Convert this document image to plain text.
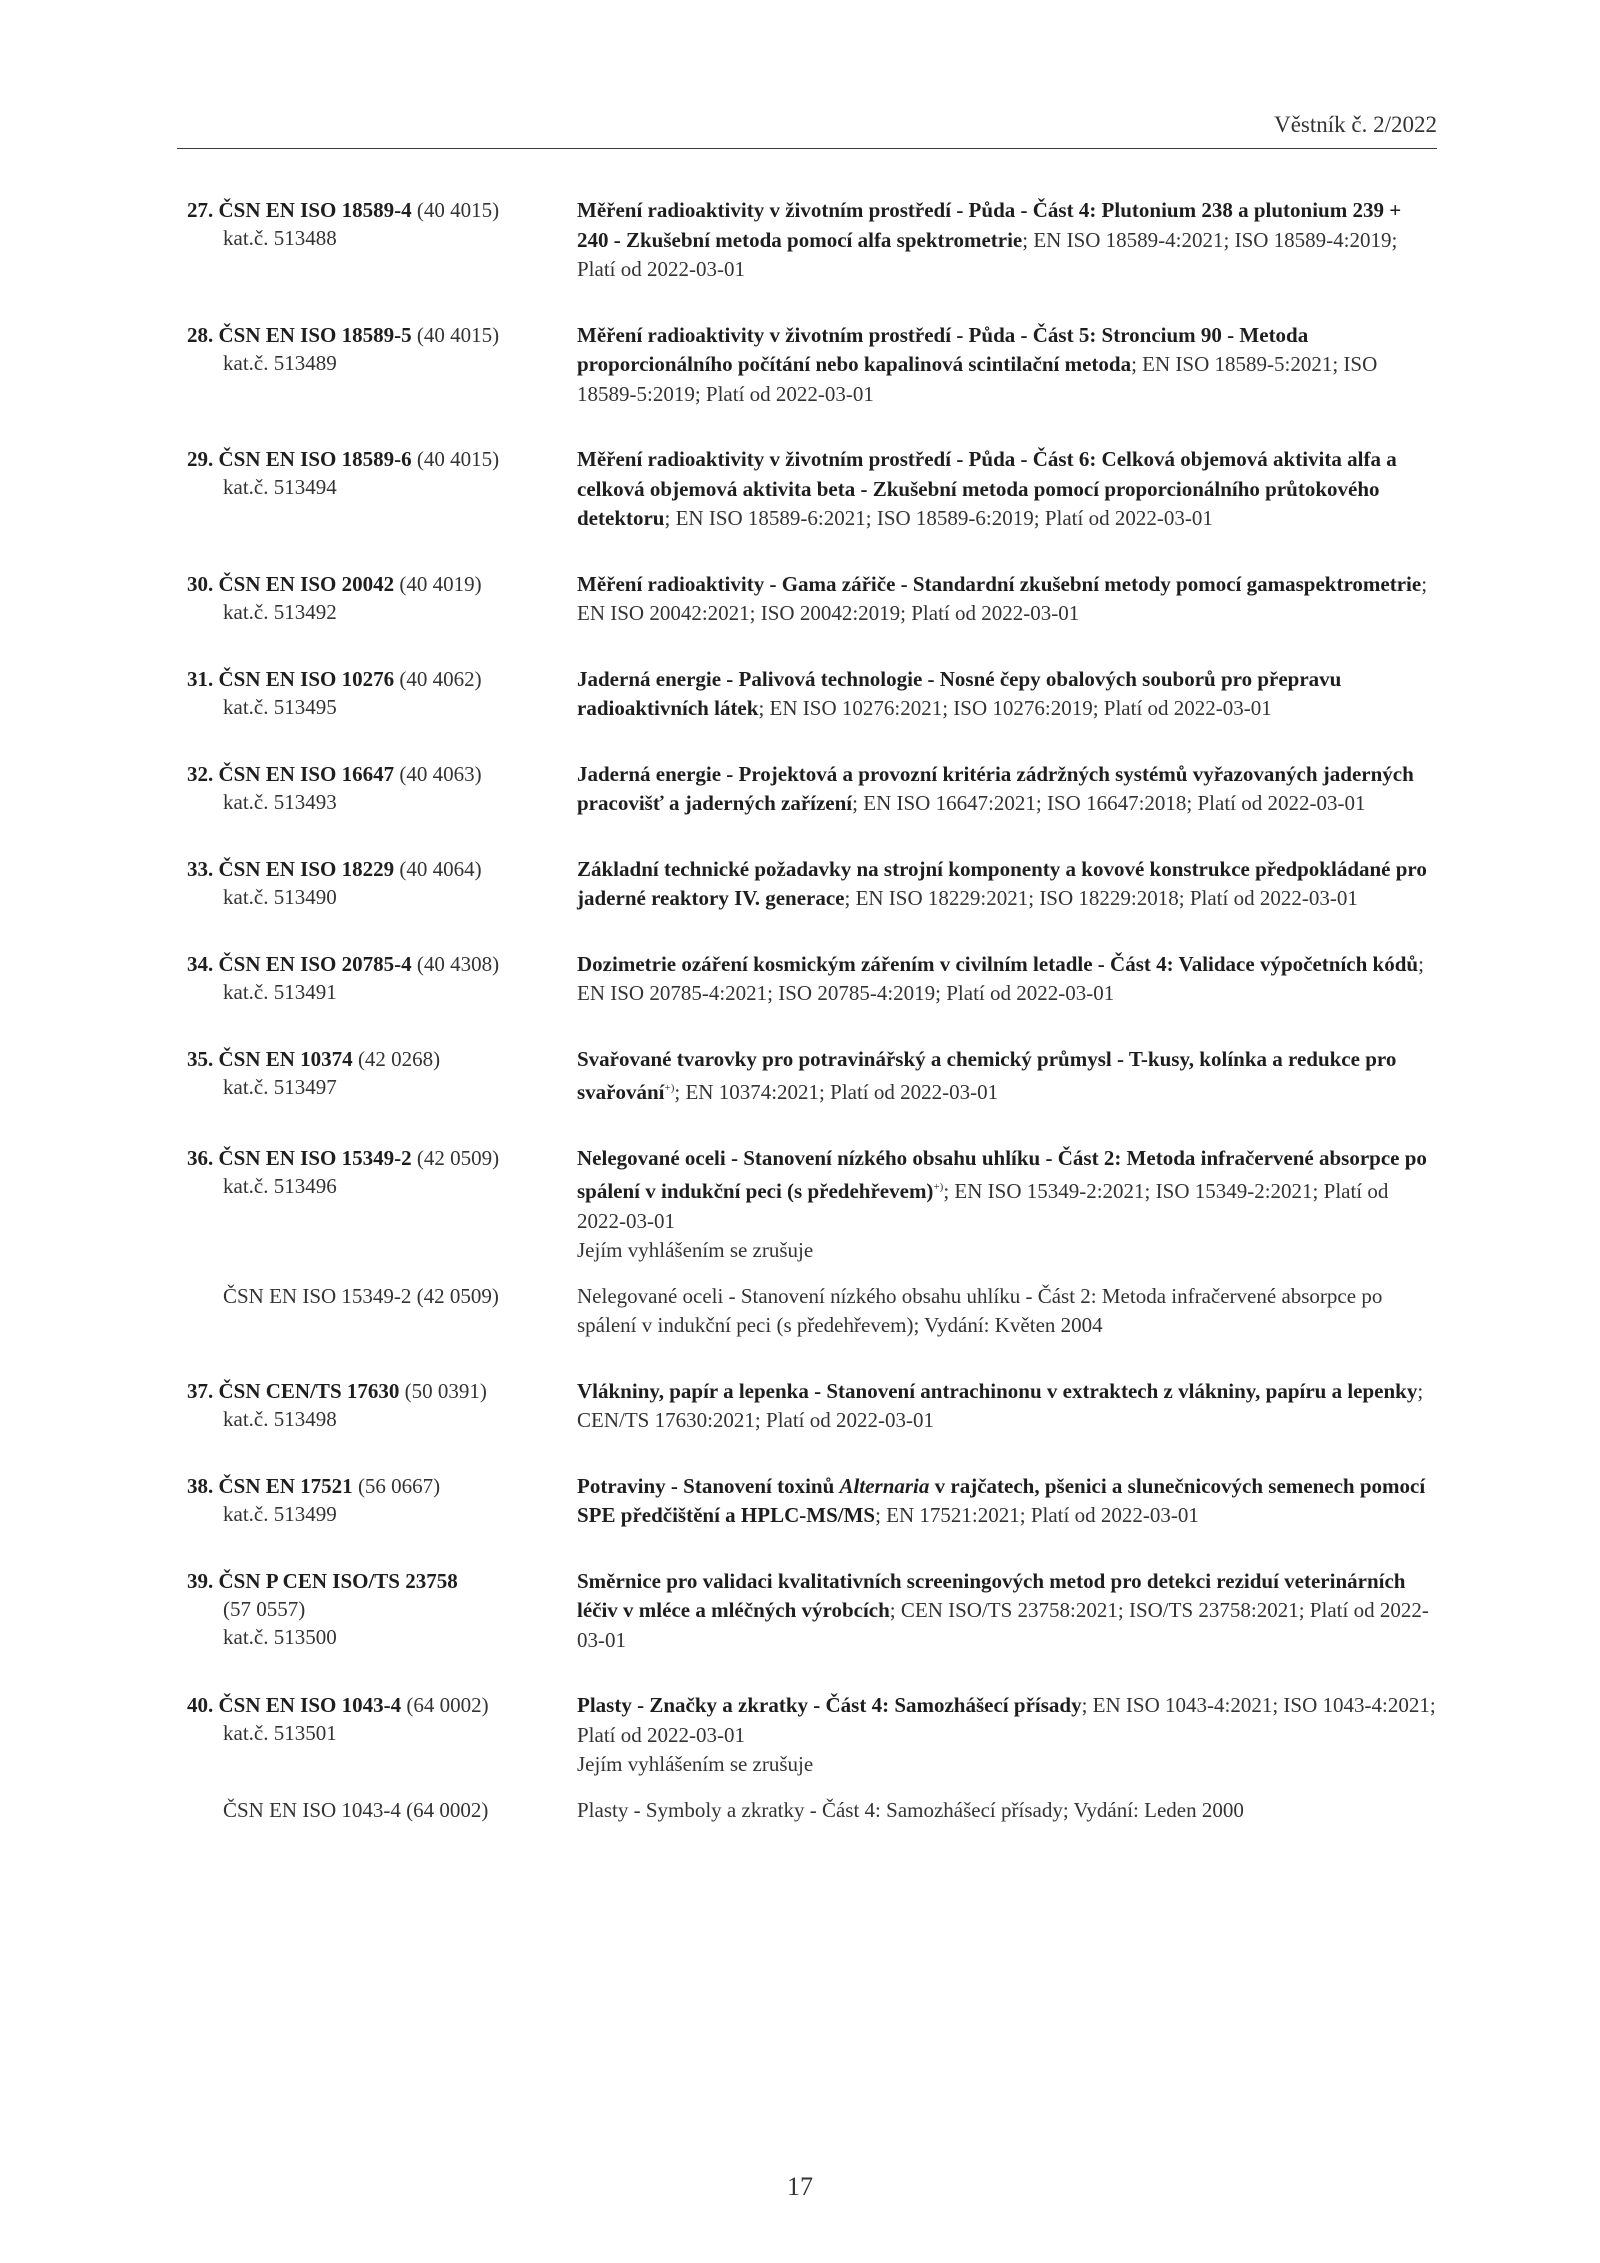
Věstník č. 2/2022
27. ČSN EN ISO 18589-4 (40 4015)
kat.č. 513488
Měření radioaktivity v životním prostředí - Půda - Část 4: Plutonium 238 a plutonium 239 + 240 - Zkušební metoda pomocí alfa spektrometrie; EN ISO 18589-4:2021; ISO 18589-4:2019; Platí od 2022-03-01
28. ČSN EN ISO 18589-5 (40 4015)
kat.č. 513489
Měření radioaktivity v životním prostředí - Půda - Část 5: Stroncium 90 - Metoda proporcionálního počítání nebo kapalinová scintilační metoda; EN ISO 18589-5:2021; ISO 18589-5:2019; Platí od 2022-03-01
29. ČSN EN ISO 18589-6 (40 4015)
kat.č. 513494
Měření radioaktivity v životním prostředí - Půda - Část 6: Celková objemová aktivita alfa a celková objemová aktivita beta - Zkušební metoda pomocí proporcionálního průtokového detektoru; EN ISO 18589-6:2021; ISO 18589-6:2019; Platí od 2022-03-01
30. ČSN EN ISO 20042 (40 4019)
kat.č. 513492
Měření radioaktivity - Gama zářiče - Standardní zkušební metody pomocí gamaspektrometrie; EN ISO 20042:2021; ISO 20042:2019; Platí od 2022-03-01
31. ČSN EN ISO 10276 (40 4062)
kat.č. 513495
Jaderná energie - Palivová technologie - Nosné čepy obalových souborů pro přepravu radioaktivních látek; EN ISO 10276:2021; ISO 10276:2019; Platí od 2022-03-01
32. ČSN EN ISO 16647 (40 4063)
kat.č. 513493
Jaderná energie - Projektová a provozní kritéria zádržných systémů vyřazovaných jaderných pracovišť a jaderných zařízení; EN ISO 16647:2021; ISO 16647:2018; Platí od 2022-03-01
33. ČSN EN ISO 18229 (40 4064)
kat.č. 513490
Základní technické požadavky na strojní komponenty a kovové konstrukce předpokládané pro jaderné reaktory IV. generace; EN ISO 18229:2021; ISO 18229:2018; Platí od 2022-03-01
34. ČSN EN ISO 20785-4 (40 4308)
kat.č. 513491
Dozimetrie ozáření kosmickým zářením v civilním letadle - Část 4: Validace výpočetních kódů; EN ISO 20785-4:2021; ISO 20785-4:2019; Platí od 2022-03-01
35. ČSN EN 10374 (42 0268)
kat.č. 513497
Svařované tvarovky pro potravinářský a chemický průmysl - T-kusy, kolínka a redukce pro svařování+); EN 10374:2021; Platí od 2022-03-01
36. ČSN EN ISO 15349-2 (42 0509)
kat.č. 513496
Nelegované oceli - Stanovení nízkého obsahu uhlíku - Část 2: Metoda infračervené absorpce po spálení v indukční peci (s předehřevem)+); EN ISO 15349-2:2021; ISO 15349-2:2021; Platí od 2022-03-01
Jejím vyhlášením se zrušuje
ČSN EN ISO 15349-2 (42 0509)	Nelegované oceli - Stanovení nízkého obsahu uhlíku - Část 2: Metoda infračervené absorpce po spálení v indukční peci (s předehřevem); Vydání: Květen 2004
37. ČSN CEN/TS 17630 (50 0391)
kat.č. 513498
Vlákniny, papír a lepenka - Stanovení antrachinonu v extraktech z vlákniny, papíru a lepenky; CEN/TS 17630:2021; Platí od 2022-03-01
38. ČSN EN 17521 (56 0667)
kat.č. 513499
Potraviny - Stanovení toxinů Alternaria v rajčatech, pšenici a slunečnicových semenech pomocí SPE předčištění a HPLC-MS/MS; EN 17521:2021; Platí od 2022-03-01
39. ČSN P CEN ISO/TS 23758
(57 0557)
kat.č. 513500
Směrnice pro validaci kvalitativních screeningových metod pro detekci reziduí veterinárních léčiv v mléce a mléčných výrobcích; CEN ISO/TS 23758:2021; ISO/TS 23758:2021; Platí od 2022-03-01
40. ČSN EN ISO 1043-4 (64 0002)
kat.č. 513501
Plasty - Značky a zkratky - Část 4: Samozhášecí přísady; EN ISO 1043-4:2021; ISO 1043-4:2021; Platí od 2022-03-01
Jejím vyhlášením se zrušuje
ČSN EN ISO 1043-4 (64 0002)	Plasty - Symboly a zkratky - Část 4: Samozhášecí přísady; Vydání: Leden 2000
17
